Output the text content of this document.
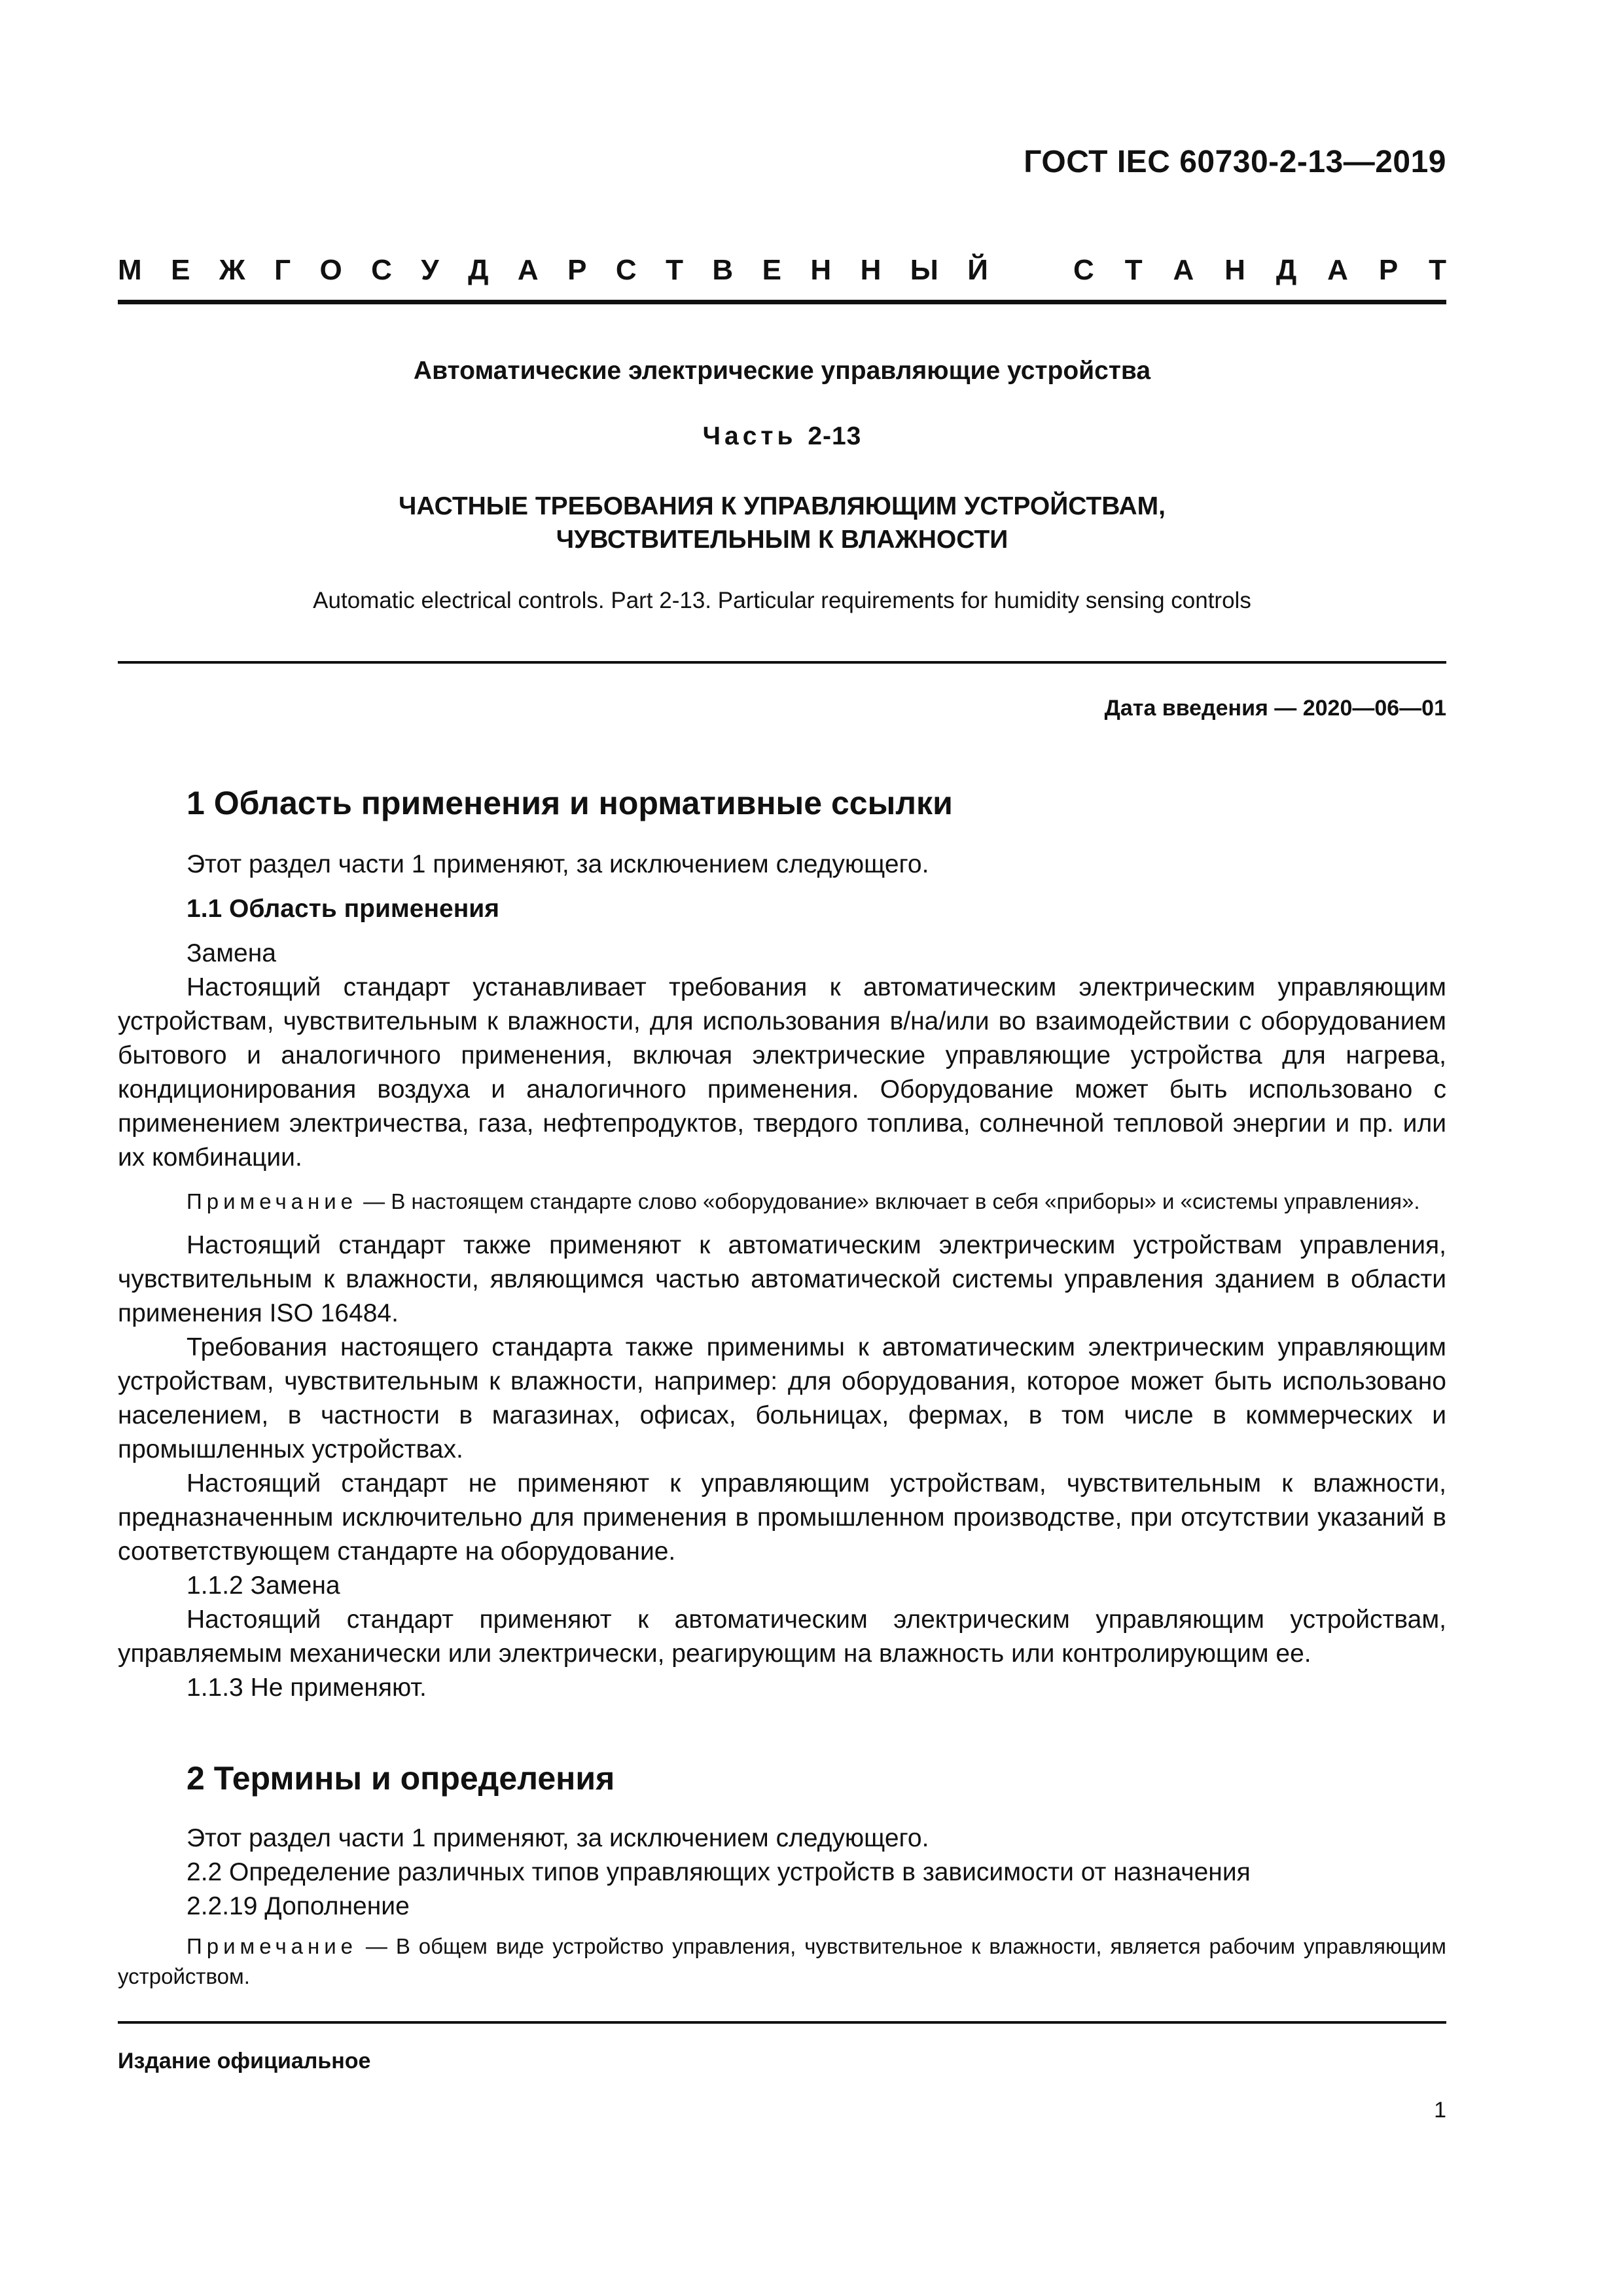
ГОСТ IEC 60730-2-13—2019
М Е Ж Г О С У Д А Р С Т В Е Н Н Ы Й	С Т А Н Д А Р Т
Автоматические электрические управляющие устройства
Часть 2-13
ЧАСТНЫЕ ТРЕБОВАНИЯ К УПРАВЛЯЮЩИМ УСТРОЙСТВАМ,
ЧУВСТВИТЕЛЬНЫМ К ВЛАЖНОСТИ
Automatic electrical controls. Part 2-13. Particular requirements for humidity sensing controls
Дата введения — 2020—06—01
1 Область применения и нормативные ссылки

Этот раздел части 1 применяют, за исключением следующего.

1.1 Область применения

Замена

Настоящий стандарт устанавливает требования к автоматическим электрическим управляющим устройствам, чувствительным к влажности, для использования в/на/или во взаимодействии с оборудованием бытового и аналогичного применения, включая электрические управляющие устройства для нагрева, кондиционирования воздуха и аналогичного применения. Оборудование может быть использовано с применением электричества, газа, нефтепродуктов, твердого топлива, солнечной тепловой энергии и пр. или их комбинации.

Примечание — В настоящем стандарте слово «оборудование» включает в себя «приборы» и «системы управления».

Настоящий стандарт также применяют к автоматическим электрическим устройствам управления, чувствительным к влажности, являющимся частью автоматической системы управления зданием в области применения ISO 16484.

Требования настоящего стандарта также применимы к автоматическим электрическим управляющим устройствам, чувствительным к влажности, например: для оборудования, которое может быть использовано населением, в частности в магазинах, офисах, больницах, фермах, в том числе в коммерческих и промышленных устройствах.

Настоящий стандарт не применяют к управляющим устройствам, чувствительным к влажности, предназначенным исключительно для применения в промышленном производстве, при отсутствии указаний в соответствующем стандарте на оборудование.

1.1.2 Замена

Настоящий стандарт применяют к автоматическим электрическим управляющим устройствам, управляемым механически или электрически, реагирующим на влажность или контролирующим ее.

1.1.3 Не применяют.

2 Термины и определения

Этот раздел части 1 применяют, за исключением следующего.

2.2 Определение различных типов управляющих устройств в зависимости от назначения

2.2.19 Дополнение

Примечание — В общем виде устройство управления, чувствительное к влажности, является рабочим управляющим устройством.

Издание официальное
1
